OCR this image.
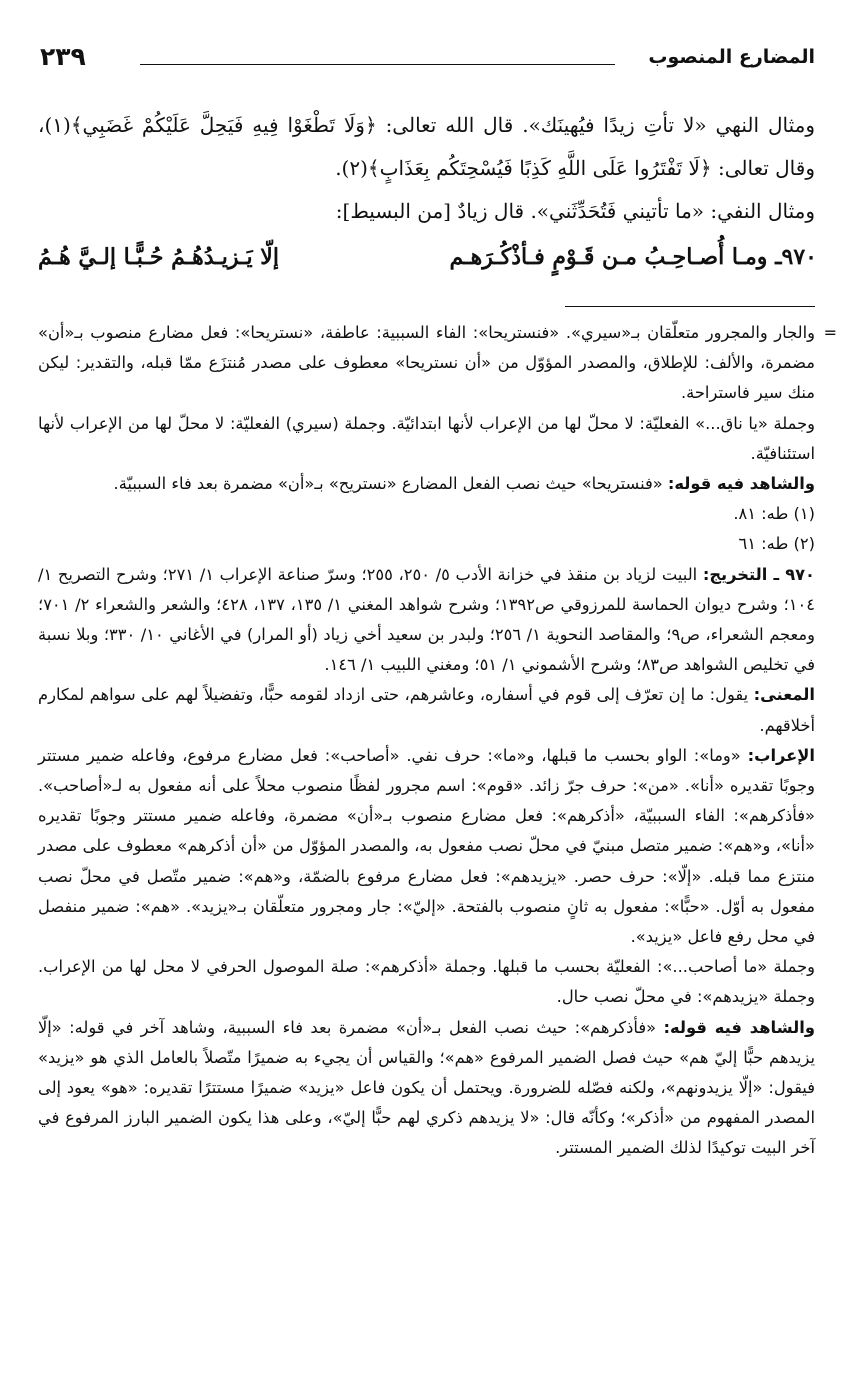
المضارع المنصوب
٢٣٩

ومثال النهي «لا تأتِ زيدًا فيُهينَك». قال الله تعالى: ﴿وَلَا تَطْغَوْا فِيهِ فَيَحِلَّ عَلَيْكُمْ غَضَبِي﴾(١)، وقال تعالى: ﴿لَا تَفْتَرُوا عَلَى اللَّهِ كَذِبًا فَيُسْحِتَكُم بِعَذَابٍ﴾(٢).

ومثال النفي: «ما تأتيني فَتُحَدِّثَني». قال زيادٌ [من البسيط]:

٩٧٠ـ ومـا أُصـاحِـبُ مـن قَـوْمٍ فـأذْكُـرَهـم
إلّا يَـزيـدُهُـمُ حُـبًّـا إلـيَّ هُـمُ
=

والجار والمجرور متعلّقان بـ«سيري». «فنستريحا»: الفاء السببية: عاطفة، «نستريحا»: فعل مضارع منصوب بـ«أن» مضمرة، والألف: للإطلاق، والمصدر المؤوّل من «أن نستريحا» معطوف على مصدر مُنتزَع ممّا قبله، والتقدير: ليكن منك سير فاستراحة.

وجملة «يا ناق...» الفعليّة: لا محلّ لها من الإعراب لأنها ابتدائيّة. وجملة (سيري) الفعليّة: لا محلّ لها من الإعراب لأنها استئنافيّة.

والشاهد فيه قوله: «فنستريحا» حيث نصب الفعل المضارع «نستريح» بـ«أن» مضمرة بعد فاء السببيّة.

(١) طه: ٨١.

(٢) طه: ٦١

٩٧٠ ـ التخريج: البيت لزياد بن منقذ في خزانة الأدب ٥/ ٢٥٠، ٢٥٥؛ وسرّ صناعة الإعراب ١/ ٢٧١؛ وشرح التصريح ١/ ١٠٤؛ وشرح ديوان الحماسة للمرزوقي ص١٣٩٢؛ وشرح شواهد المغني ١/ ١٣٥، ١٣٧، ٤٢٨؛ والشعر والشعراء ٢/ ٧٠١؛ ومعجم الشعراء، ص٩؛ والمقاصد النحوية ١/ ٢٥٦؛ ولبدر بن سعيد أخي زياد (أو المرار) في الأغاني ١٠/ ٣٣٠؛ وبلا نسبة في تخليص الشواهد ص٨٣؛ وشرح الأشموني ١/ ٥١؛ ومغني اللبيب ١/ ١٤٦.

المعنى: يقول: ما إن تعرّف إلى قوم في أسفاره، وعاشرهم، حتى ازداد لقومه حبًّا، وتفضيلاً لهم على سواهم لمكارم أخلاقهم.

الإعراب: «وما»: الواو بحسب ما قبلها، و«ما»: حرف نفي. «أصاحب»: فعل مضارع مرفوع، وفاعله ضمير مستتر وجوبًا تقديره «أنا». «من»: حرف جرّ زائد. «قوم»: اسم مجرور لفظًا منصوب محلاً على أنه مفعول به لـ«أصاحب». «فأذكرهم»: الفاء السببيّة، «أذكرهم»: فعل مضارع منصوب بـ«أن» مضمرة، وفاعله ضمير مستتر وجوبًا تقديره «أنا»، و«هم»: ضمير متصل مبنيّ في محلّ نصب مفعول به، والمصدر المؤوّل من «أن أذكرهم» معطوف على مصدر منتزع مما قبله. «إلّا»: حرف حصر. «يزيدهم»: فعل مضارع مرفوع بالضمّة، و«هم»: ضمير متّصل في محلّ نصب مفعول به أوّل. «حبًّا»: مفعول به ثانٍ منصوب بالفتحة. «إليّ»: جار ومجرور متعلّقان بـ«يزيد». «هم»: ضمير منفصل في محل رفع فاعل «يزيد».

وجملة «ما أصاحب...»: الفعليّة بحسب ما قبلها. وجملة «أذكرهم»: صلة الموصول الحرفي لا محل لها من الإعراب. وجملة «يزيدهم»: في محلّ نصب حال.

والشاهد فيه قوله: «فأذكرهم»: حيث نصب الفعل بـ«أن» مضمرة بعد فاء السببية، وشاهد آخر في قوله: «إلّا يزيدهم حبًّا إليّ هم» حيث فصل الضمير المرفوع «هم»؛ والقياس أن يجيء به ضميرًا متّصلاً بالعامل الذي هو «يزيد» فيقول: «إلّا يزيدونهم»، ولكنه فصّله للضرورة. ويحتمل أن يكون فاعل «يزيد» ضميرًا مستترًا تقديره: «هو» يعود إلى المصدر المفهوم من «أذكر»؛ وكأنّه قال: «لا يزيدهم ذكري لهم حبًّا إليّ»، وعلى هذا يكون الضمير البارز المرفوع في آخر البيت توكيدًا لذلك الضمير المستتر.
